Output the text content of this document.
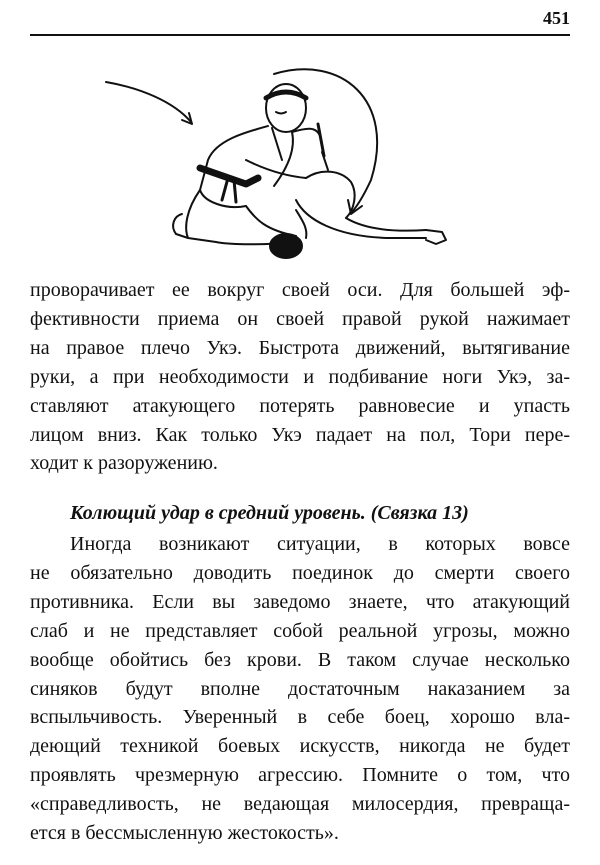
451
проворачивает ее вокруг своей оси. Для большей эф-
фективности приема он своей правой рукой нажимает
на правое плечо Укэ. Быстрота движений, вытягивание
руки, а при необходимости и подбивание ноги Укэ, за-
ставляют атакующего потерять равновесие и упасть
лицом вниз. Как только Укэ падает на пол, Тори пере-
ходит к разоружению.
Колющий удар в средний уровень. (Связка 13)
Иногда возникают ситуации, в которых вовсе
не обязательно доводить поединок до смерти своего
противника. Если вы заведомо знаете, что атакующий
слаб и не представляет собой реальной угрозы, можно
вообще обойтись без крови. В таком случае несколько
синяков будут вполне достаточным наказанием за
вспыльчивость. Уверенный в себе боец, хорошо вла-
деющий техникой боевых искусств, никогда не будет
проявлять чрезмерную агрессию. Помните о том, что
«справедливость, не ведающая милосердия, превраща-
ется в бессмысленную жестокость».
